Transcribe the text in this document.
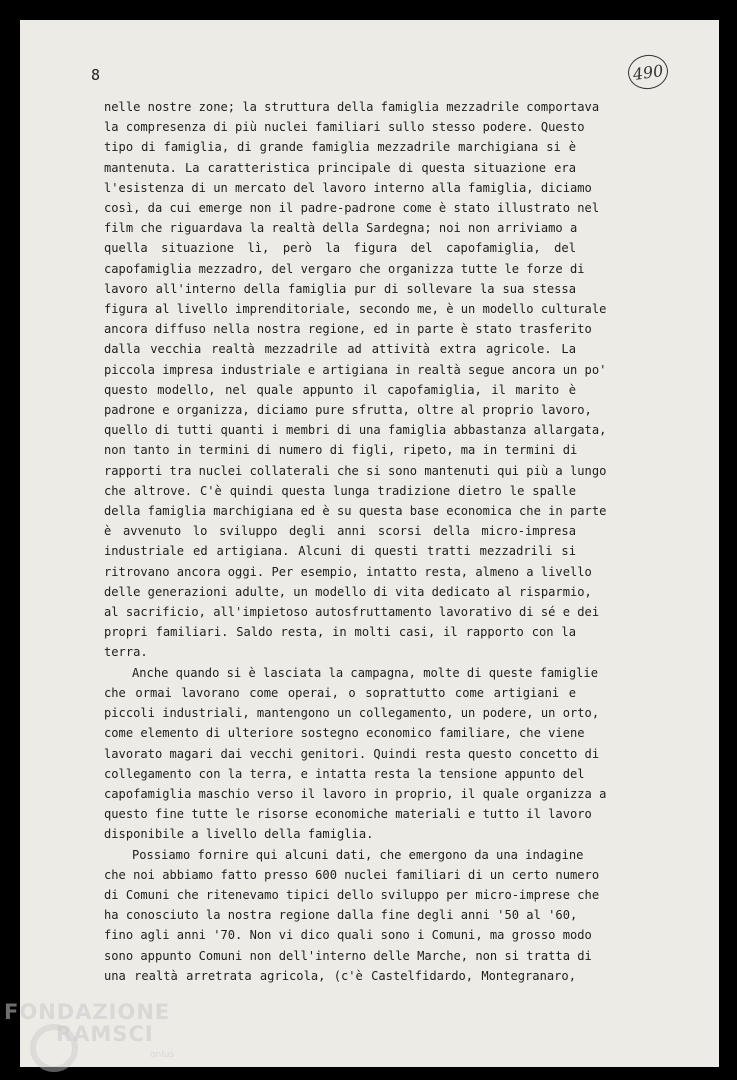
8	490

nelle nostre zone; la struttura della famiglia mezzadrile comportava

la compresenza di più nuclei familiari sullo stesso podere. Questo

tipo di famiglia, di grande famiglia mezzadrile marchigiana si è

mantenuta. La caratteristica principale di questa situazione era

l'esistenza di un mercato del lavoro interno alla famiglia, diciamo

così, da cui emerge non il padre-padrone come è stato illustrato nel

film che riguardava la realtà della Sardegna; noi non arriviamo a

quella situazione lì, però la figura del capofamiglia, del

capofamiglia mezzadro, del vergaro che organizza tutte le forze di

lavoro all'interno della famiglia pur di sollevare la sua stessa

figura al livello imprenditoriale, secondo me, è un modello culturale

ancora diffuso nella nostra regione, ed in parte è stato trasferito

dalla vecchia realtà mezzadrile ad attività extra agricole. La

piccola impresa industriale e artigiana in realtà segue ancora un po'

questo modello, nel quale appunto il capofamiglia, il marito è

padrone e organizza, diciamo pure sfrutta, oltre al proprio lavoro,

quello di tutti quanti i membri di una famiglia abbastanza allargata,

non tanto in termini di numero di figli, ripeto, ma in termini di

rapporti tra nuclei collaterali che si sono mantenuti qui più a lungo

che altrove. C'è quindi questa lunga tradizione dietro le spalle

della famiglia marchigiana ed è su questa base economica che in parte

è avvenuto lo sviluppo degli anni scorsi della micro-impresa

industriale ed artigiana. Alcuni di questi tratti mezzadrili si

ritrovano ancora oggi. Per esempio, intatto resta, almeno a livello

delle generazioni adulte, un modello di vita dedicato al risparmio,

al sacrificio, all'impietoso autosfruttamento lavorativo di sé e dei

propri familiari. Saldo resta, in molti casi, il rapporto con la

terra.

Anche quando si è lasciata la campagna, molte di queste famiglie

che ormai lavorano come operai, o soprattutto come artigiani e

piccoli industriali, mantengono un collegamento, un podere, un orto,

come elemento di ulteriore sostegno economico familiare, che viene

lavorato magari dai vecchi genitori. Quindi resta questo concetto di

collegamento con la terra, e intatta resta la tensione appunto del

capofamiglia maschio verso il lavoro in proprio, il quale organizza a

questo fine tutte le risorse economiche materiali e tutto il lavoro

disponibile a livello della famiglia.

Possiamo fornire qui alcuni dati, che emergono da una indagine

che noi abbiamo fatto presso 600 nuclei familiari di un certo numero

di Comuni che ritenevamo tipici dello sviluppo per micro-imprese che

ha conosciuto la nostra regione dalla fine degli anni '50 al '60,

fino agli anni '70. Non vi dico quali sono i Comuni, ma grosso modo

sono appunto Comuni non dell'interno delle Marche, non si tratta di

una realtà arretrata agricola, (c'è Castelfidardo, Montegranaro,

FONDAZIONE
RAMSCI
onlus
